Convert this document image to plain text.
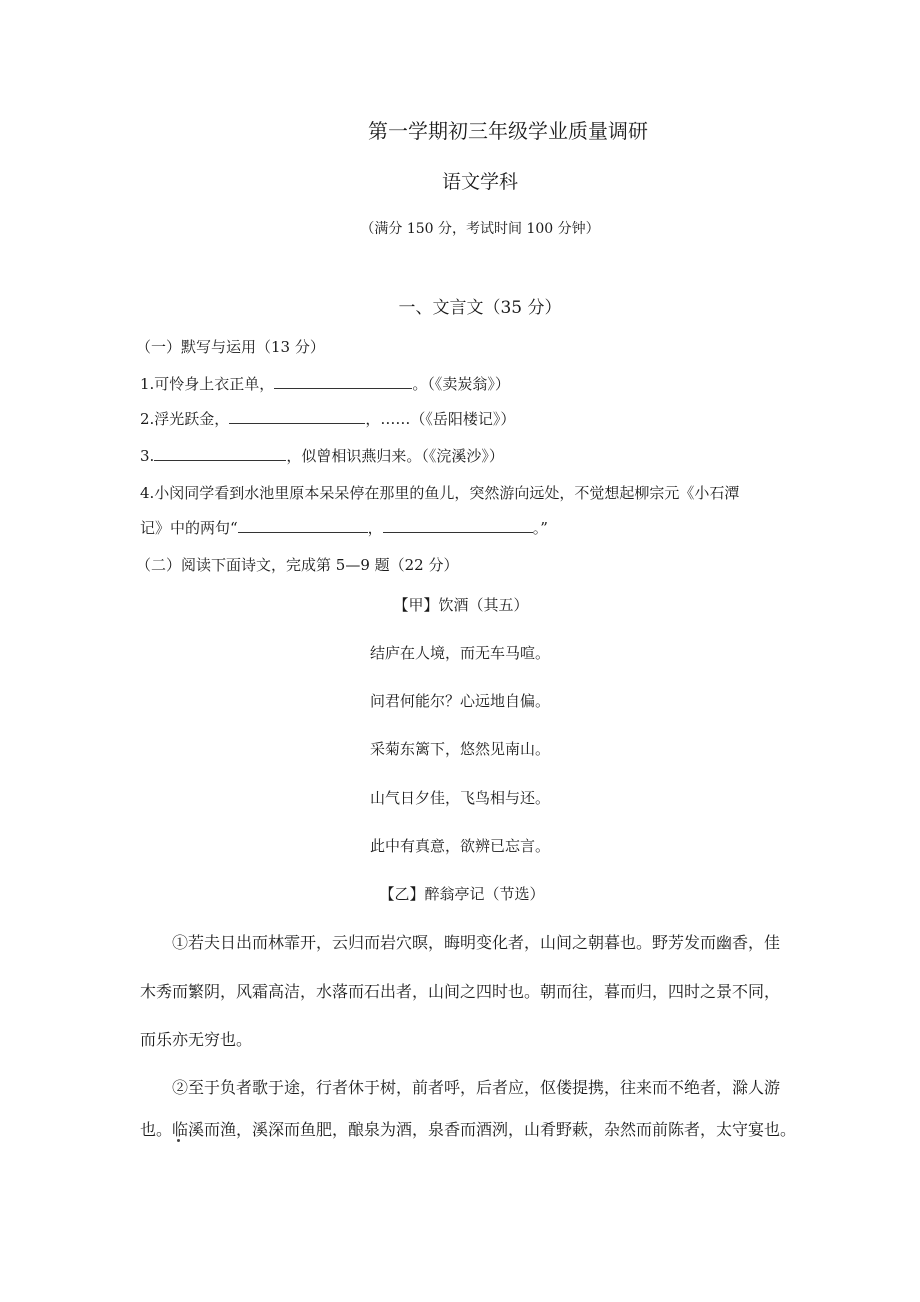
第一学期初三年级学业质量调研
语文学科
（满分 150 分，考试时间 100 分钟）
一、文言文（35 分）
（一）默写与运用（13 分）
1.可怜身上衣正单，	。（《卖炭翁》）
2.浮光跃金，	，……（《岳阳楼记》）
3.	，似曾相识燕归来。（《浣溪沙》）
4.小闵同学看到水池里原本呆呆停在那里的鱼儿，突然游向远处，不觉想起柳宗元《小石潭
记》中的两句“	，	。”
（二）阅读下面诗文，完成第 5—9 题（22 分）
【甲】饮酒（其五）
结庐在人境，而无车马喧。
问君何能尔？心远地自偏。
采菊东篱下，悠然见南山。
山气日夕佳，飞鸟相与还。
此中有真意，欲辨已忘言。
【乙】醉翁亭记（节选）
①若夫日出而林霏开，云归而岩穴暝，晦明变化者，山间之朝暮也。野芳发而幽香，佳
木秀而繁阴，风霜高洁，水落而石出者，山间之四时也。朝而往，暮而归，四时之景不同，
而乐亦无穷也。
②至于负者歌于途，行者休于树，前者呼，后者应，伛偻提携，往来而不绝者，滁人游
也。临溪而渔，溪深而鱼肥，酿泉为酒，泉香而酒洌，山肴野蔌，杂然而前陈者，太守宴也。
